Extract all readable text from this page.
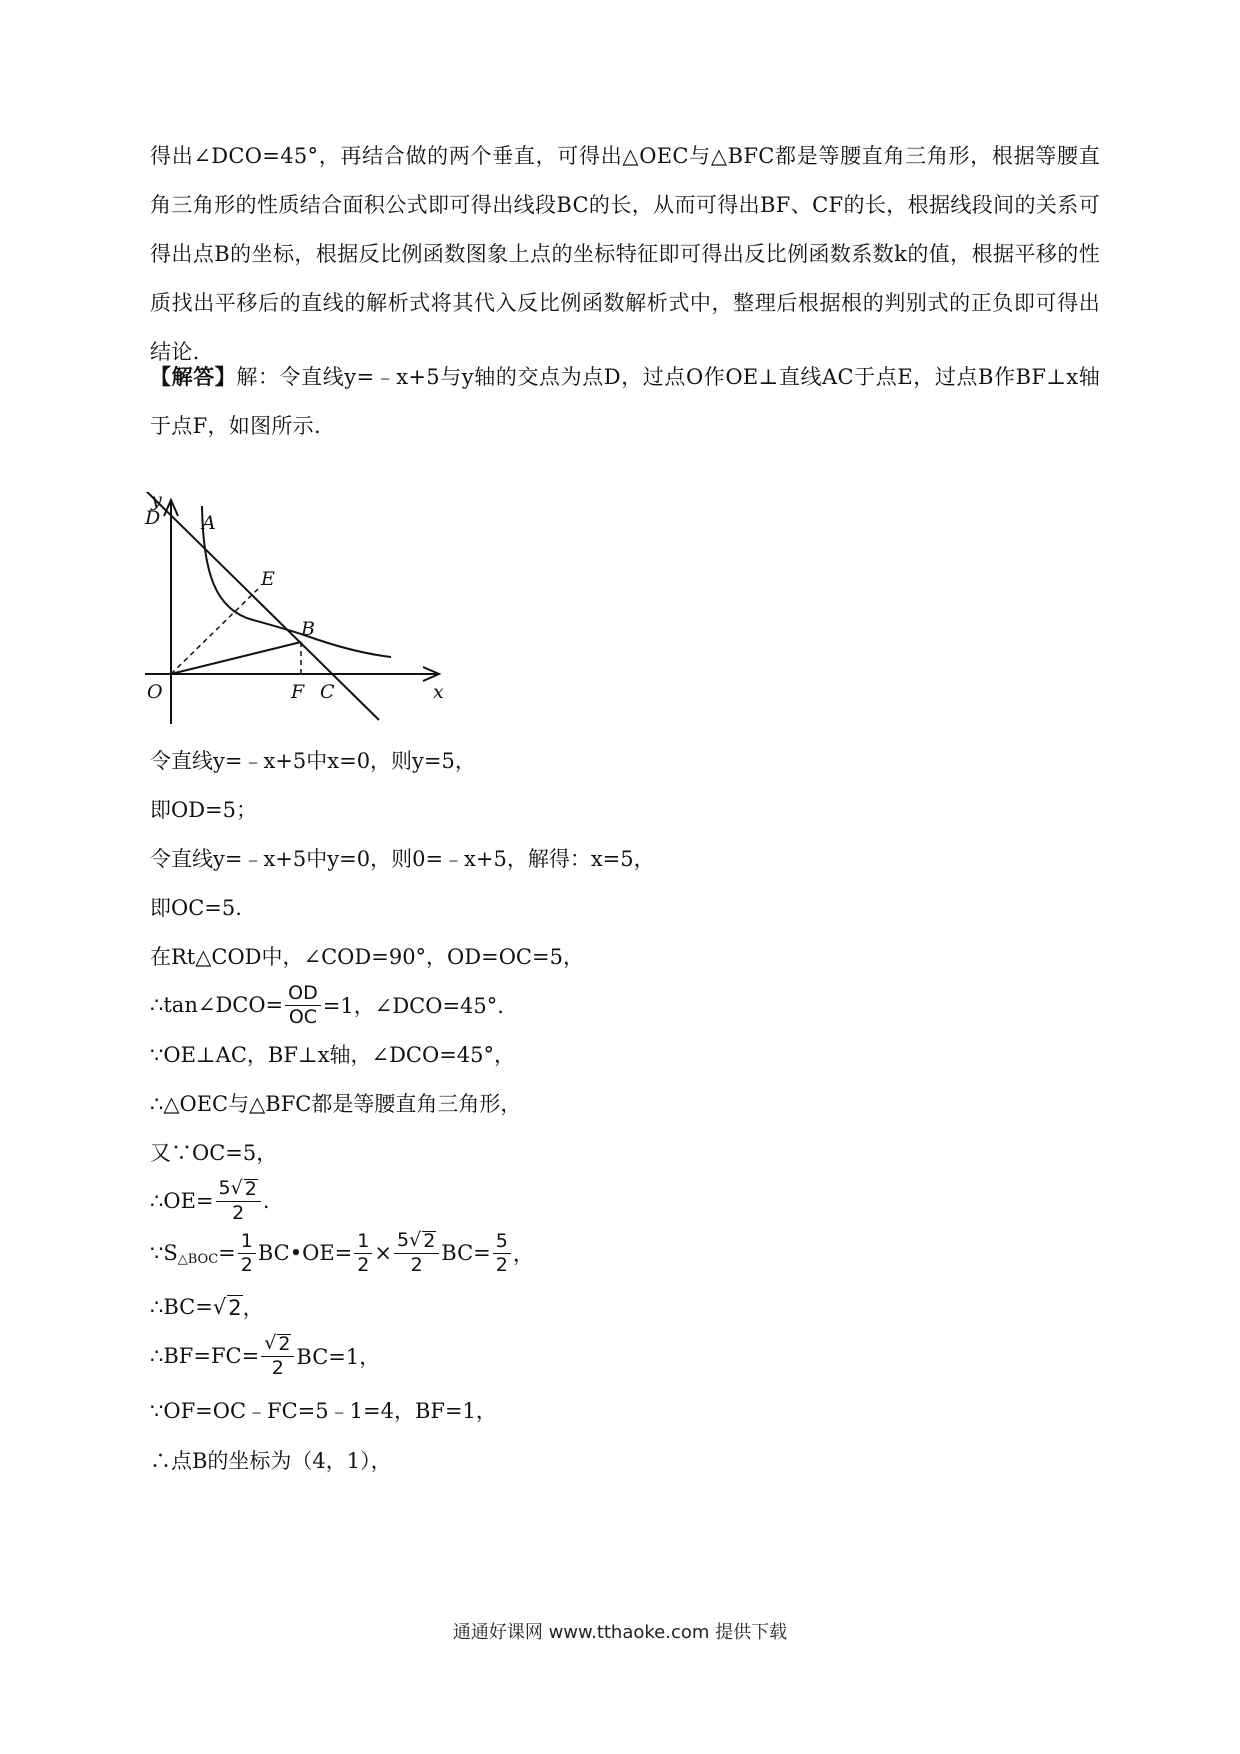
得出∠DCO=45°，再结合做的两个垂直，可得出△OEC与△BFC都是等腰直角三角形，根据等腰直角三角形的性质结合面积公式即可得出线段BC的长，从而可得出BF、CF的长，根据线段间的关系可得出点B的坐标，根据反比例函数图象上点的坐标特征即可得出反比例函数系数k的值，根据平移的性质找出平移后的直线的解析式将其代入反比例函数解析式中，整理后根据根的判别式的正负即可得出结论.
【解答】解：令直线y=﹣x+5与y轴的交点为点D，过点O作OE⊥直线AC于点E，过点B作BF⊥x轴于点F，如图所示.
y
x
D A
E
B
O	F C
令直线y=﹣x+5中x=0，则y=5，
即OD=5；
令直线y=﹣x+5中y=0，则0=﹣x+5，解得：x=5，
即OC=5.
在Rt△COD中，∠COD=90°，OD=OC=5，
∴tan∠DCO= $\frac{OD}{OC} =1$，∠DCO=45°.
∵OE⊥AC，BF⊥x轴，∠DCO=45°，
∴△OEC与△BFC都是等腰直角三角形，
又∵OC=5，
∴OE= $\frac{5√ 2}{2}$ .
∵S △BOC = $\frac{1}{2}$ BC•OE= $\frac{1}{2} \times \frac{5√ 2}{2} BC= \frac{5}{2}$ ，
∴BC= √ 2 ，
∴BF=FC= $\frac{√ 2}{2} BC=1$，
∵OF=OC﹣FC=5﹣1=4，BF=1，
∴点B的坐标为（4，1），
通通好课网 www.tthaoke.com 提供下载
